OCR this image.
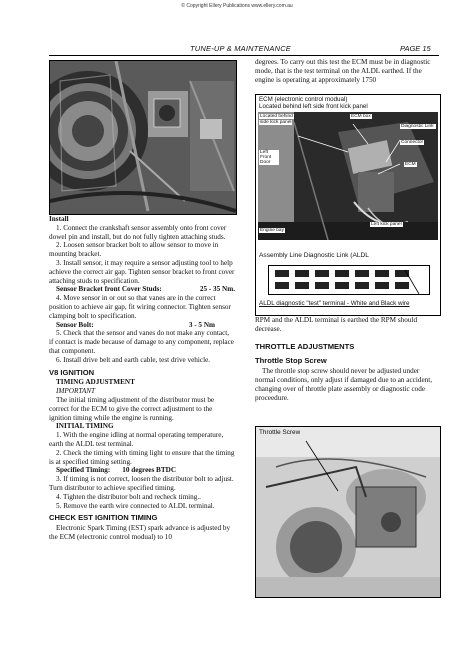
© Copyright Ellery Publications www.ellery.com.au
TUNE-UP & MAINTENANCE	PAGE 15

Install

1. Connect the crankshaft sensor assembly onto front cover dowel pin and install, but do not fully tighten attaching studs.

2. Loosen sensor bracket bolt to allow sensor to move in mounting bracket.

3. Install sensor, it may require a sensor adjusting tool to help achieve the correct air gap. Tighten sensor bracket to front cover attaching studs to specification.

Sensor Bracket front Cover Studs:	25 - 35 Nm.

4. Move sensor in or out so that vanes are in the correct position to achieve air gap, fit wiring connector. Tighten sensor clamping bolt to specification.

Sensor Bolt:	3 - 5 Nm

5. Check that the sensor and vanes do not make any contact, if contact is made because of damage to any component, replace that component.

6. Install drive belt and earth cable, test drive vehicle.

V8 IGNITION

TIMING ADJUSTMENT

IMPORTANT

The initial timing adjustment of the distributor must be correct for the ECM to give the correct adjustment to the ignition timing while the engine is running.

INITIAL TIMING

1. With the engine idling at normal operating temperature, earth the ALDL test terminal.

2. Check the timing with timing light to ensure that the timing is at specified timing setting.

Specified Timing: 10 degrees BTDC

3. If timing is not correct, loosen the distributor bolt to adjust. Turn distributor to achieve specified timing.

4. Tighten the distributor bolt and recheck timing..

5. Remove the earth wire connected to ALDL terminal.

CHECK EST IGNITION TIMING

Electronic Spark Timing (EST) spark advance is adjusted by the ECM (electronic control modual) to 10

degrees. To carry out this test the ECM must be in diagnostic mode, that is the test terminal on the ALDL earthed. If the engine is operating at approximately 1750

ECM (electronic control modual)
Located behind left side front kick panel
Located behind
side kick panel
ECM box
Diagnostic Link
Connector
Left Front Door	ECM
Left kick panel
Engine bay
Assembly Line Diagnostic Link (ALDL
ALDL diagnostic "test" terminal - White and Black wire

RPM and the ALDL terminal is earthed the RPM should decrease.

THROTTLE ADJUSTMENTS

Throttle Stop Screw

The throttle stop screw should never be adjusted under normal conditions, only adjust if damaged due to an accident, changing over of throttle plate assembly or diagnostic code proceedure.

Throttle Screw
